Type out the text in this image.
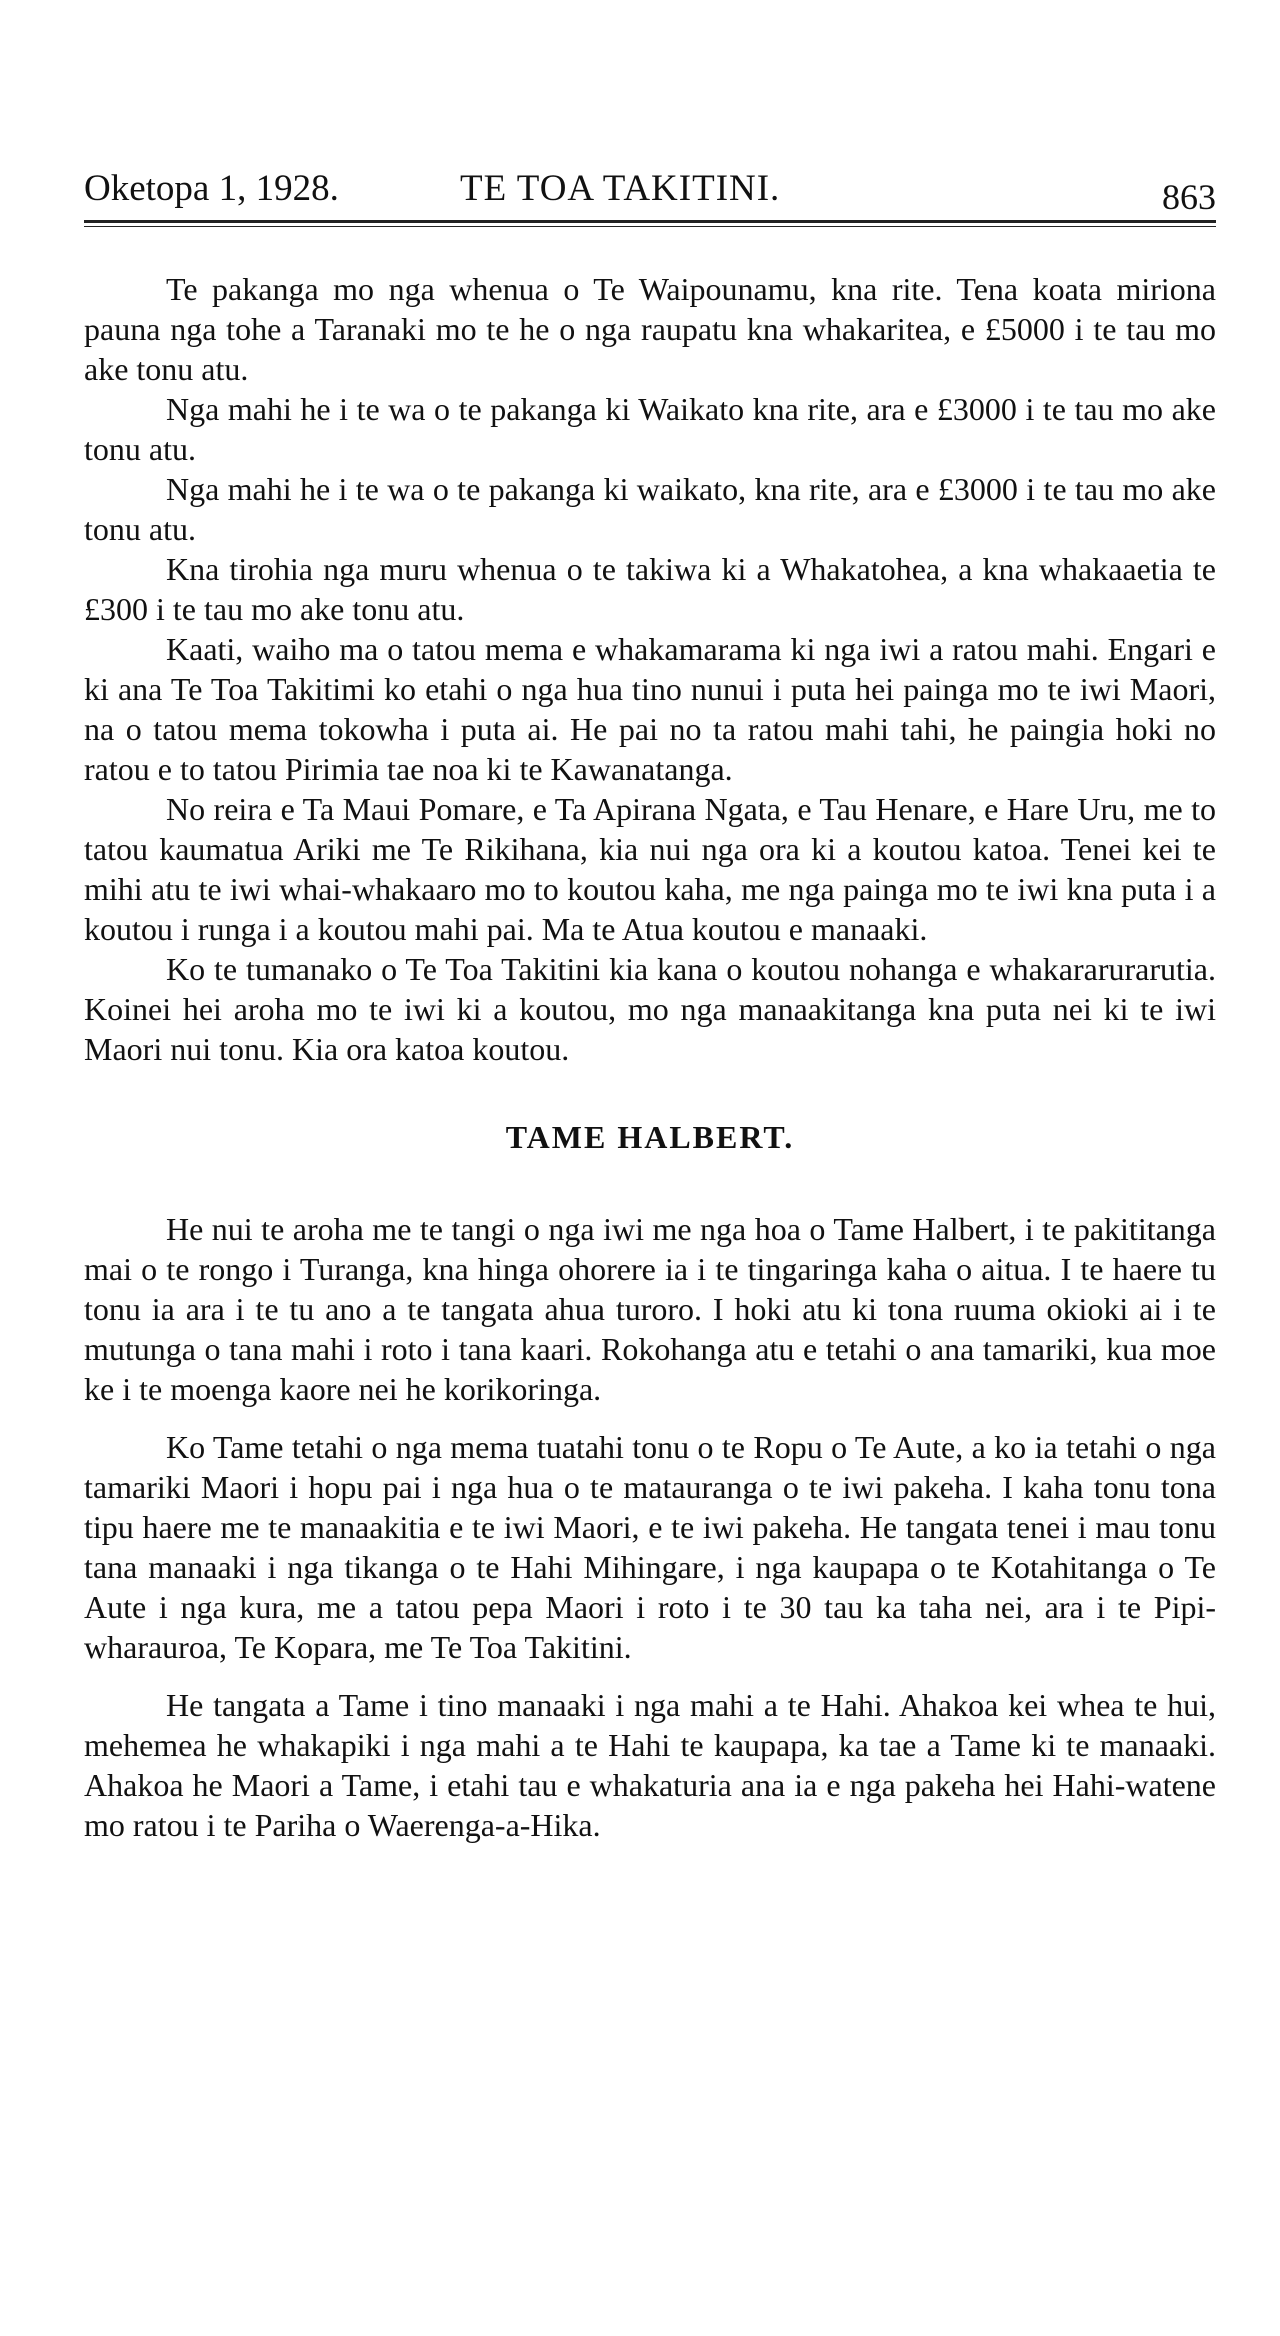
Oketopa 1, 1928.	TE TOA TAKITINI.	863

Te pakanga mo nga whenua o Te Waipounamu, kna rite. Tena koata miriona pauna nga tohe a Taranaki mo te he o nga raupatu kna whakaritea, e £5000 i te tau mo ake tonu atu.

Nga mahi he i te wa o te pakanga ki Waikato kna rite, ara e £3000 i te tau mo ake tonu atu.

Nga mahi he i te wa o te pakanga ki waikato, kna rite, ara e £3000 i te tau mo ake tonu atu.

Kna tirohia nga muru whenua o te takiwa ki a Whakatohea, a kna whakaaetia te £300 i te tau mo ake tonu atu.

Kaati, waiho ma o tatou mema e whakamarama ki nga iwi a ratou mahi. Engari e ki ana Te Toa Takitimi ko etahi o nga hua tino nunui i puta hei painga mo te iwi Maori, na o tatou mema tokowha i puta ai. He pai no ta ratou mahi tahi, he paingia hoki no ratou e to tatou Pirimia tae noa ki te Kawanatanga.

No reira e Ta Maui Pomare, e Ta Apirana Ngata, e Tau Henare, e Hare Uru, me to tatou kaumatua Ariki me Te Rikihana, kia nui nga ora ki a koutou katoa. Tenei kei te mihi atu te iwi whai-whakaaro mo to koutou kaha, me nga painga mo te iwi kna puta i a koutou i runga i a koutou mahi pai. Ma te Atua koutou e manaaki.

Ko te tumanako o Te Toa Takitini kia kana o koutou nohanga e whakararurarutia. Koinei hei aroha mo te iwi ki a koutou, mo nga manaakitanga kna puta nei ki te iwi Maori nui tonu. Kia ora katoa koutou.

TAME HALBERT.

He nui te aroha me te tangi o nga iwi me nga hoa o Tame Halbert, i te pakititanga mai o te rongo i Turanga, kna hinga ohorere ia i te tingaringa kaha o aitua. I te haere tu tonu ia ara i te tu ano a te tangata ahua turoro. I hoki atu ki tona ruuma okioki ai i te mutunga o tana mahi i roto i tana kaari. Rokohanga atu e tetahi o ana tamariki, kua moe ke i te moenga kaore nei he korikoringa.

Ko Tame tetahi o nga mema tuatahi tonu o te Ropu o Te Aute, a ko ia tetahi o nga tamariki Maori i hopu pai i nga hua o te matauranga o te iwi pakeha. I kaha tonu tona tipu haere me te manaakitia e te iwi Maori, e te iwi pakeha. He tangata tenei i mau tonu tana manaaki i nga tikanga o te Hahi Mihingare, i nga kaupapa o te Kotahitanga o Te Aute i nga kura, me a tatou pepa Maori i roto i te 30 tau ka taha nei, ara i te Pipi-wharauroa, Te Kopara, me Te Toa Takitini.

He tangata a Tame i tino manaaki i nga mahi a te Hahi. Ahakoa kei whea te hui, mehemea he whakapiki i nga mahi a te Hahi te kaupapa, ka tae a Tame ki te manaaki. Ahakoa he Maori a Tame, i etahi tau e whakaturia ana ia e nga pakeha hei Hahi-watene mo ratou i te Pariha o Waerenga-a-Hika.
